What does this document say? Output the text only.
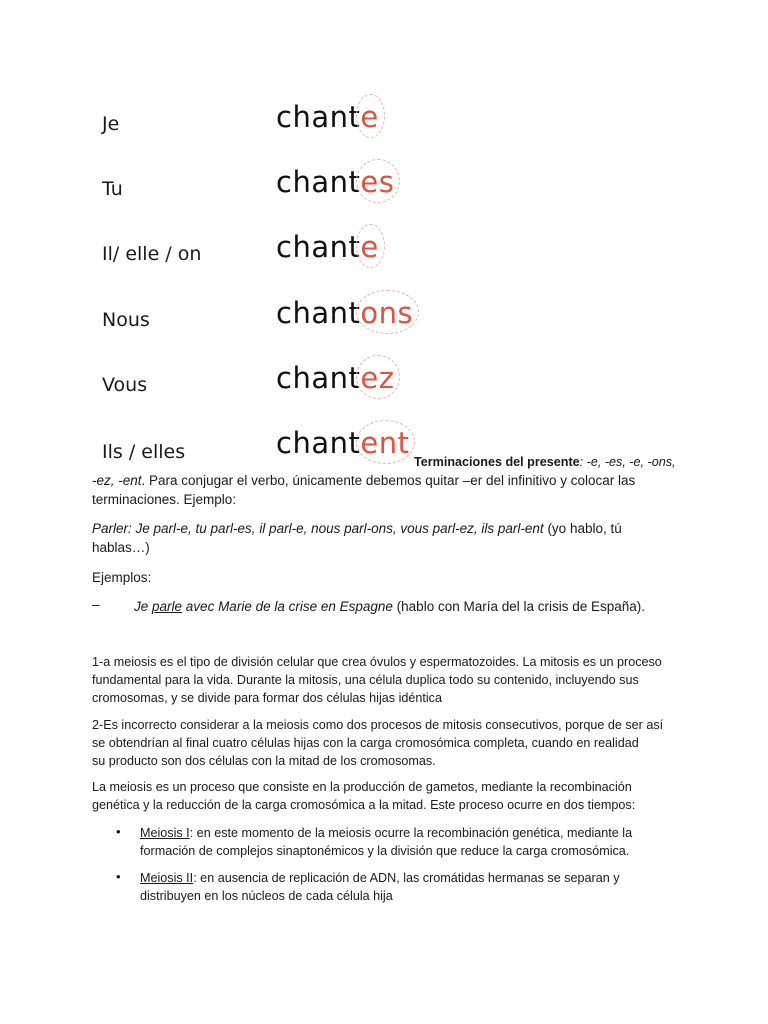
Je	chante
Tu	chantes
Il/ elle / on	chante
Nous	chantons
Vous	chantez
Ils / elles	chantent
Terminaciones del presente: -e, -es, -e, -ons,
-ez, -ent. Para conjugar el verbo, únicamente debemos quitar –er del infinitivo y colocar las
terminaciones. Ejemplo:
Parler: Je parl-e, tu parl-es, il parl-e, nous parl-ons, vous parl-ez, ils parl-ent (yo hablo, tú
hablas…)
Ejemplos:
–	Je parle avec Marie de la crise en Espagne (hablo con María del la crisis de España).
1-a meiosis es el tipo de división celular que crea óvulos y espermatozoides. La mitosis es un proceso
fundamental para la vida. Durante la mitosis, una célula duplica todo su contenido, incluyendo sus
cromosomas, y se divide para formar dos células hijas idéntica
2-Es incorrecto considerar a la meiosis como dos procesos de mitosis consecutivos, porque de ser así
se obtendrían al final cuatro células hijas con la carga cromosómica completa, cuando en realidad
su producto son dos células con la mitad de los cromosomas.
La meiosis es un proceso que consiste en la producción de gametos, mediante la recombinación
genética y la reducción de la carga cromosómica a la mitad. Este proceso ocurre en dos tiempos:
• Meiosis I: en este momento de la meiosis ocurre la recombinación genética, mediante la
formación de complejos sinaptonémicos y la división que reduce la carga cromosómica.
• Meiosis II: en ausencia de replicación de ADN, las cromátidas hermanas se separan y
distribuyen en los núcleos de cada célula hija
